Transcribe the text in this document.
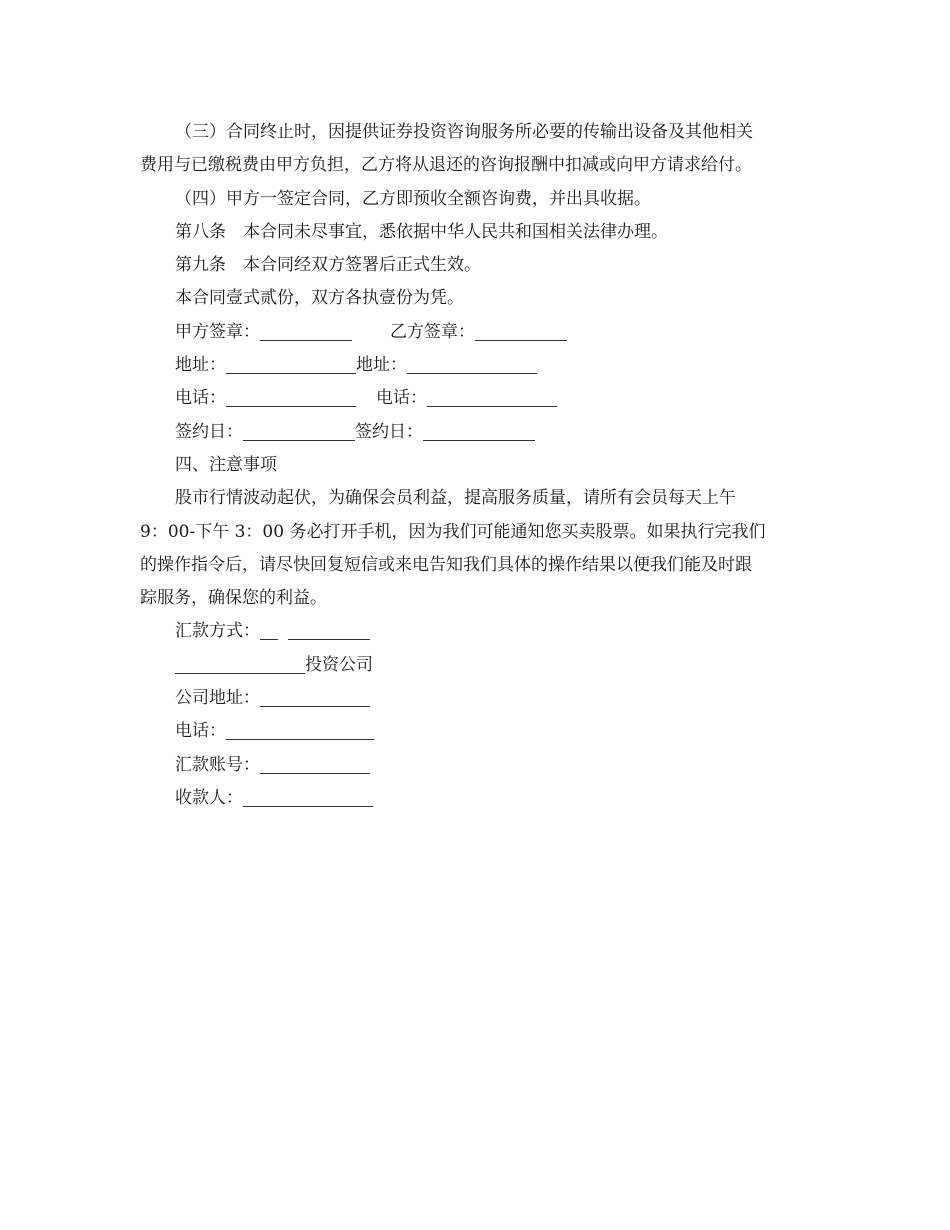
（三）合同终止时，因提供证券投资咨询服务所必要的传输出设备及其他相关
费用与已缴税费由甲方负担，乙方将从退还的咨询报酬中扣减或向甲方请求给付。
（四）甲方一签定合同，乙方即预收全额咨询费，并出具收据。
第八条　本合同未尽事宜，悉依据中华人民共和国相关法律办理。
第九条　本合同经双方签署后正式生效。
本合同壹式贰份，双方各执壹份为凭。
甲方签章：	乙方签章：
地址：	地址：
电话：	电话：
签约日：	签约日：
四、注意事项
股市行情波动起伏，为确保会员利益，提高服务质量，请所有会员每天上午
9：00-下午 3：00 务必打开手机，因为我们可能通知您买卖股票。如果执行完我们
的操作指令后，请尽快回复短信或来电告知我们具体的操作结果以便我们能及时跟
踪服务，确保您的利益。
汇款方式：
投资公司
公司地址：
电话：
汇款账号：
收款人：
